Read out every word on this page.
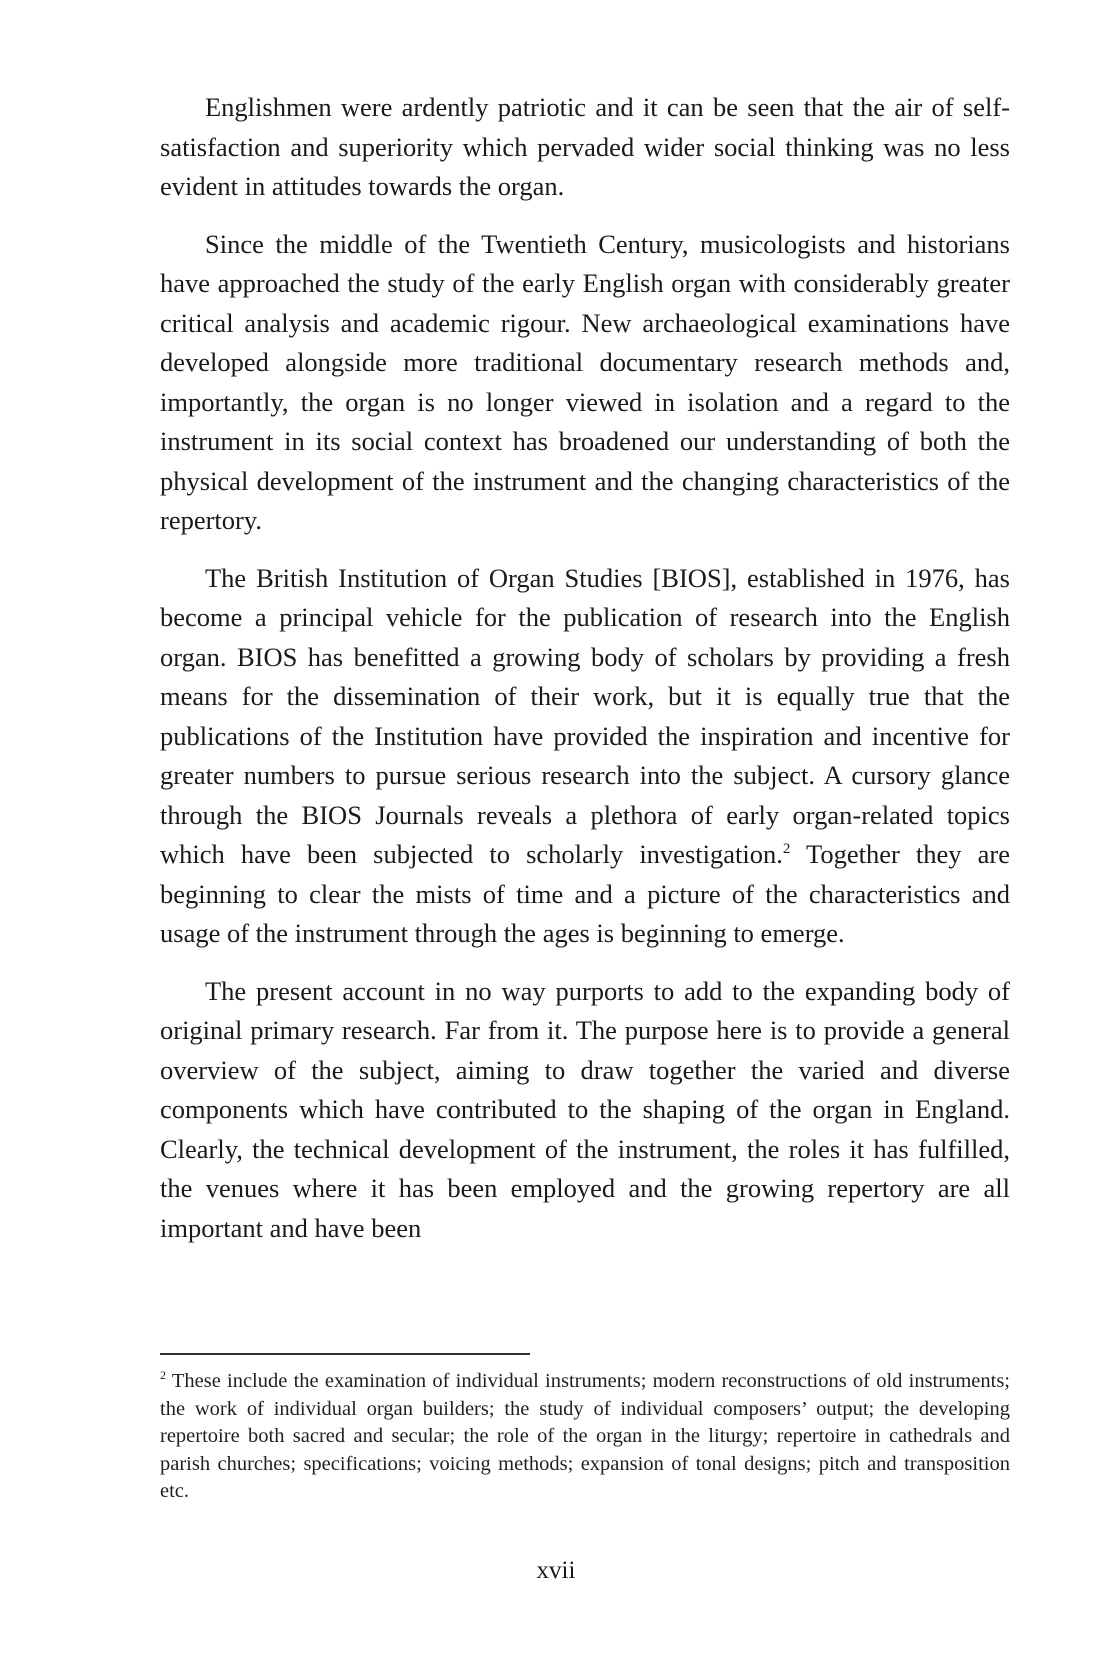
Englishmen were ardently patriotic and it can be seen that the air of self-satisfaction and superiority which pervaded wider social thinking was no less evident in attitudes towards the organ.

Since the middle of the Twentieth Century, musicologists and historians have approached the study of the early English organ with considerably greater critical analysis and academic rigour. New archaeological examinations have developed alongside more traditional documentary research methods and, importantly, the organ is no longer viewed in isolation and a regard to the instrument in its social context has broadened our understanding of both the physical development of the instrument and the changing characteristics of the repertory.

The British Institution of Organ Studies [BIOS], established in 1976, has become a principal vehicle for the publication of research into the English organ. BIOS has benefitted a growing body of scholars by providing a fresh means for the dissemination of their work, but it is equally true that the publications of the Institution have provided the inspiration and incentive for greater numbers to pursue serious research into the subject. A cursory glance through the BIOS Journals reveals a plethora of early organ-related topics which have been subjected to scholarly investigation.$^2$ Together they are beginning to clear the mists of time and a picture of the characteristics and usage of the instrument through the ages is beginning to emerge.

The present account in no way purports to add to the expanding body of original primary research. Far from it. The purpose here is to provide a general overview of the subject, aiming to draw together the varied and diverse components which have contributed to the shaping of the organ in England. Clearly, the technical development of the instrument, the roles it has fulfilled, the venues where it has been employed and the growing repertory are all important and have been

$^2$ These include the examination of individual instruments; modern reconstructions of old instruments; the work of individual organ builders; the study of individual composers’ output; the developing repertoire both sacred and secular; the role of the organ in the liturgy; repertoire in cathedrals and parish churches; specifications; voicing methods; expansion of tonal designs; pitch and transposition etc.

xvii
